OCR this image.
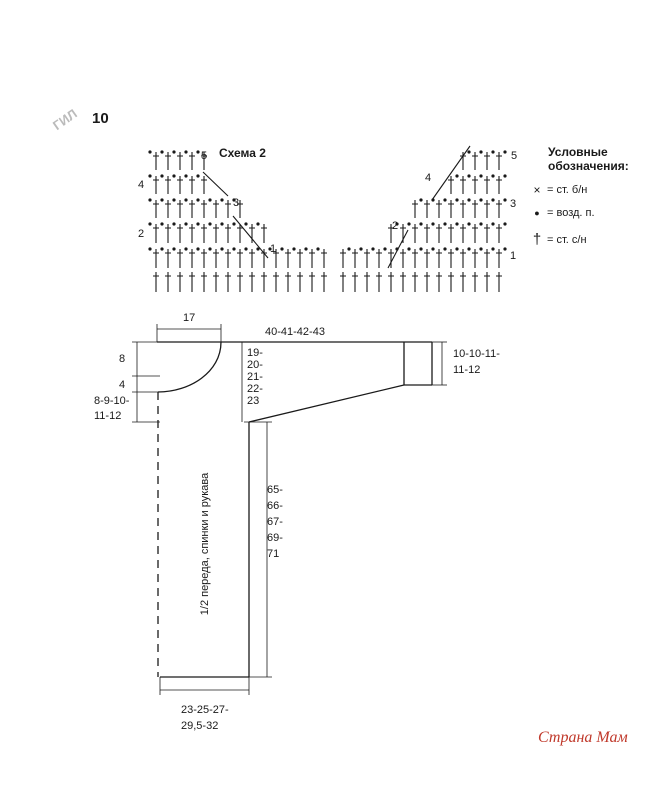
ГИЛ 10
Схема 2
5
4
3
2
1
5
4
3
2
1
Условные
обозначения:
× = ст. б/н
● = возд. п.
† = ст. с/н
17
40-41-42-43
8
4
8-9-10-
11-12
19-
20-
21-
22-
23
10-10-11-
11-12
65-
66-
67-
69-
71
1/2 переда, спинки и рукава
23-25-27-
29,5-32
Страна Мам
